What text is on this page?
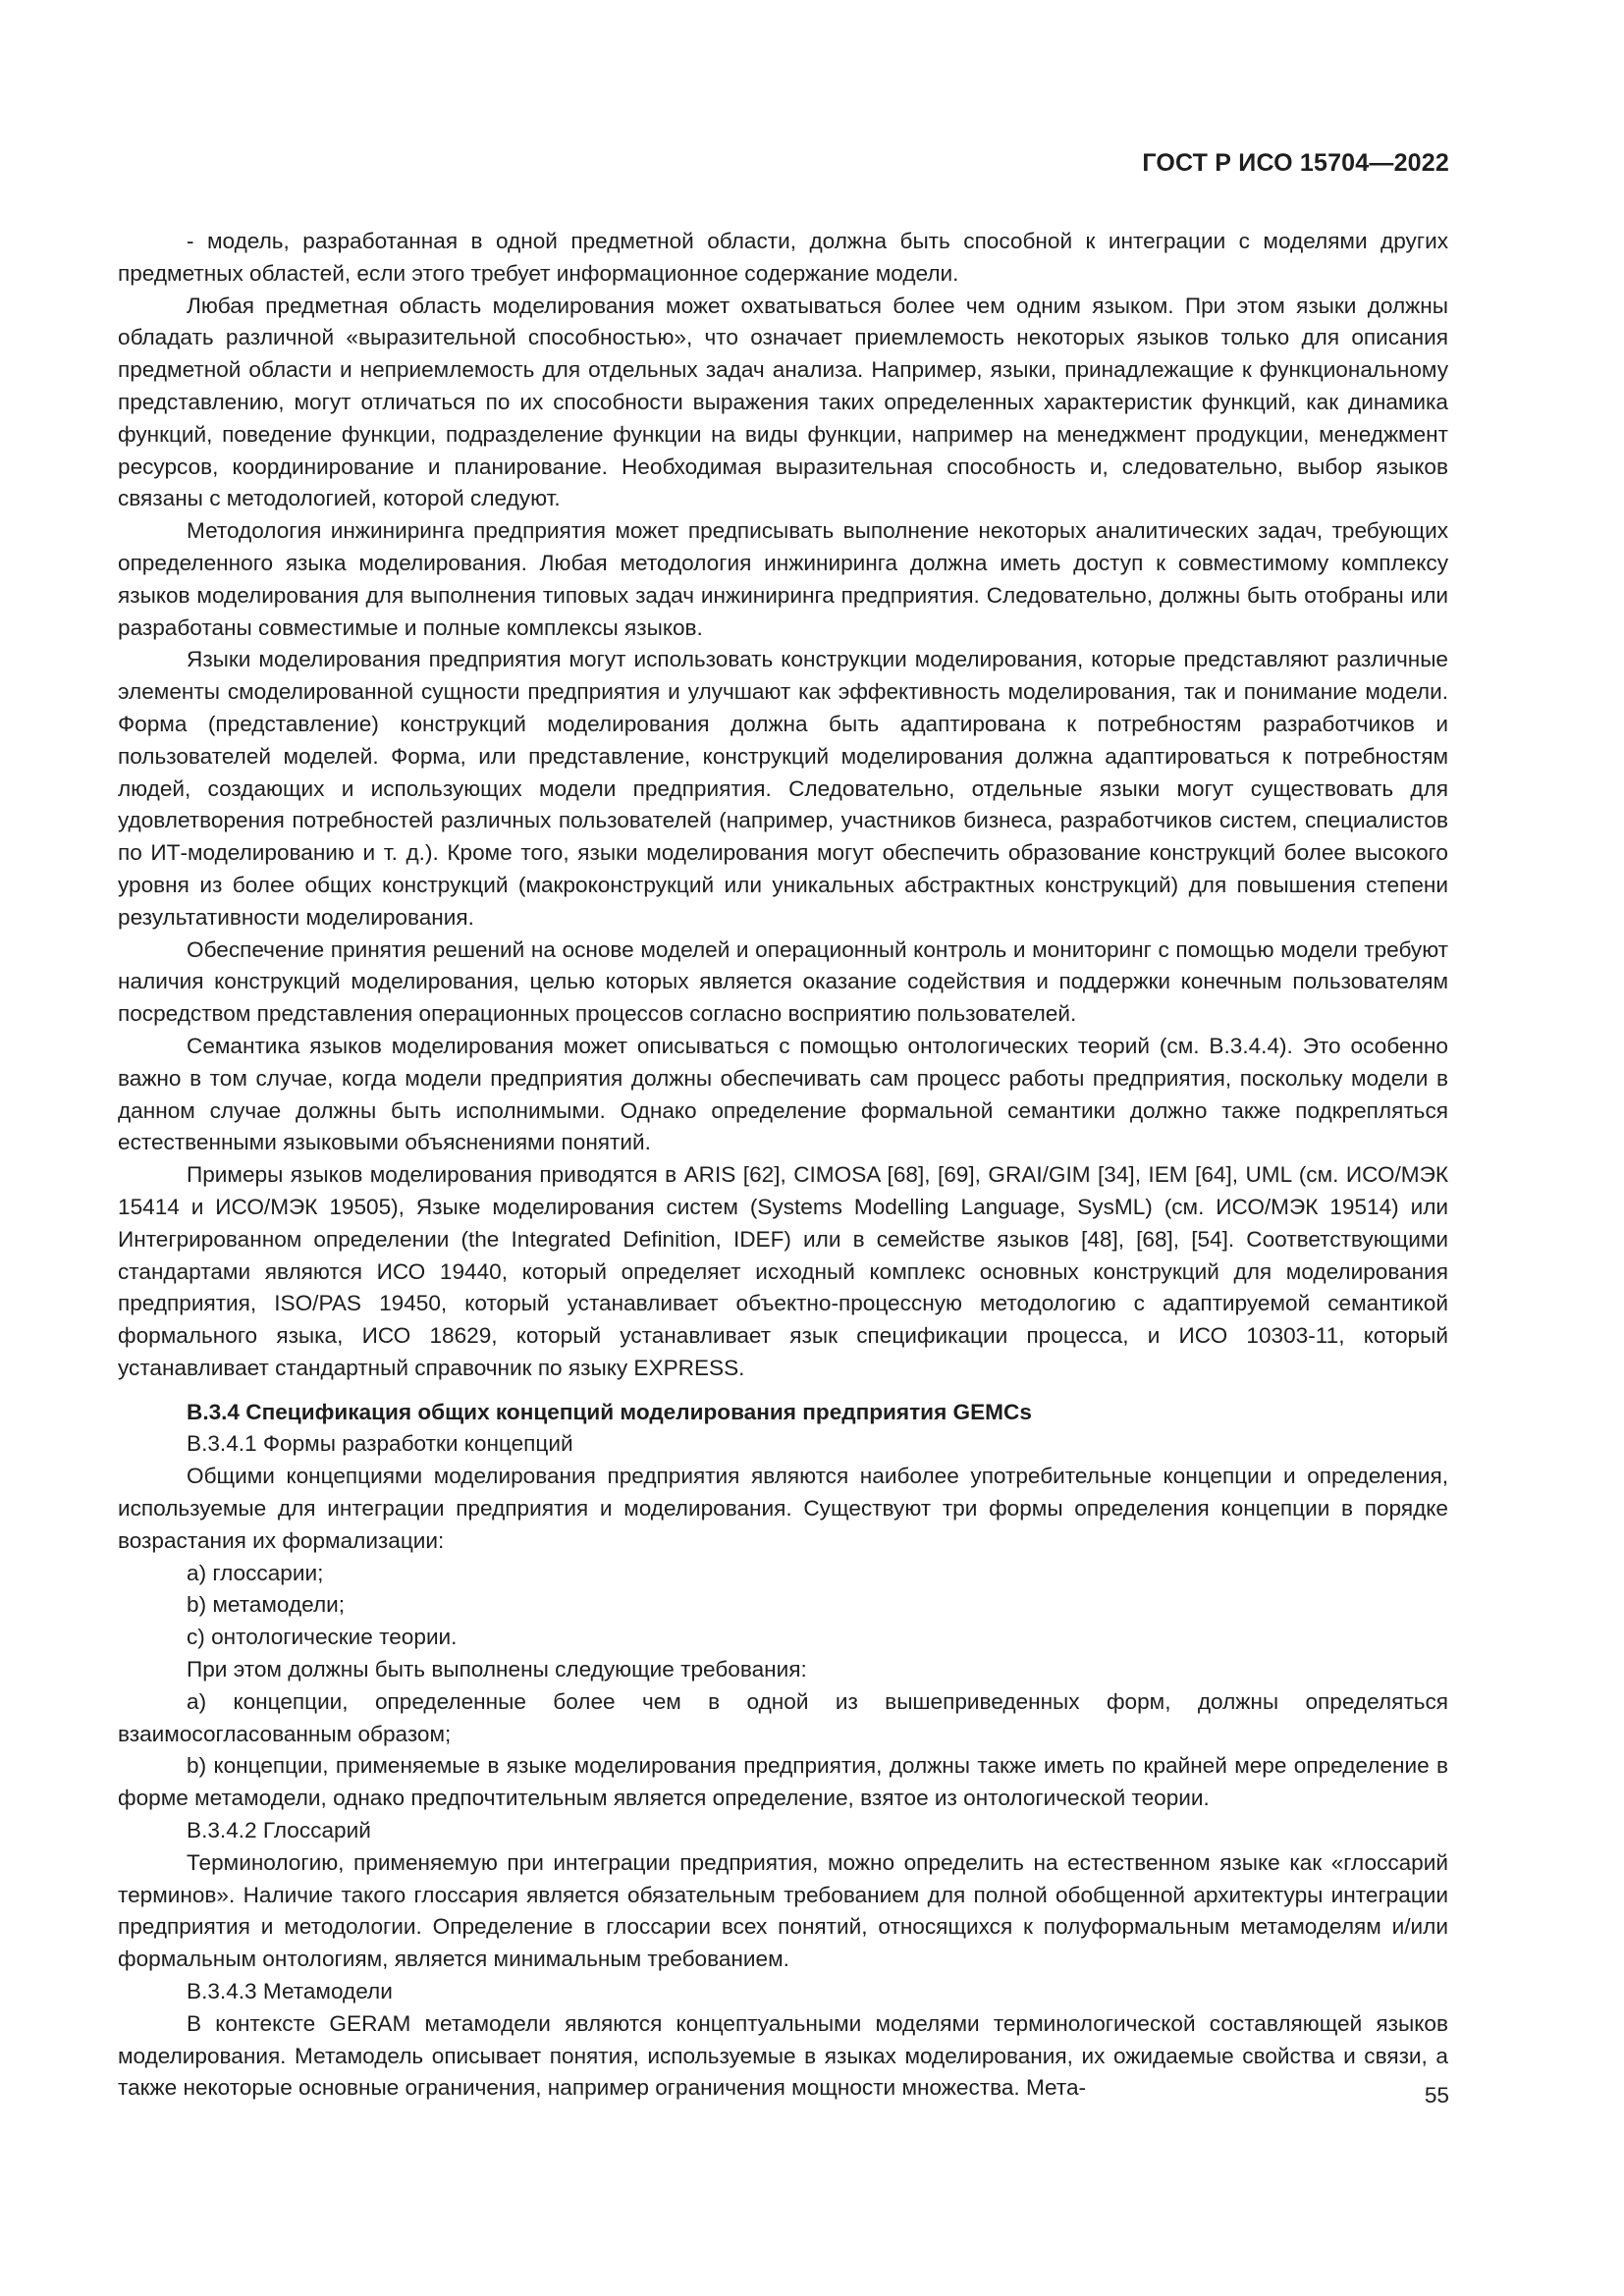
ГОСТ Р ИСО 15704—2022

- модель, разработанная в одной предметной области, должна быть способной к интеграции с моделями других предметных областей, если этого требует информационное содержание модели.

Любая предметная область моделирования может охватываться более чем одним языком. При этом языки должны обладать различной «выразительной способностью», что означает приемлемость некоторых языков только для описания предметной области и неприемлемость для отдельных задач анализа. Например, языки, принадлежащие к функциональному представлению, могут отличаться по их способности выражения таких определенных характеристик функций, как динамика функций, поведение функции, подразделение функции на виды функции, например на менеджмент продукции, менеджмент ресурсов, координирование и планирование. Необходимая выразительная способность и, следовательно, выбор языков связаны с методологией, которой следуют.

Методология инжиниринга предприятия может предписывать выполнение некоторых аналитических задач, требующих определенного языка моделирования. Любая методология инжиниринга должна иметь доступ к совместимому комплексу языков моделирования для выполнения типовых задач инжиниринга предприятия. Следовательно, должны быть отобраны или разработаны совместимые и полные комплексы языков.

Языки моделирования предприятия могут использовать конструкции моделирования, которые представляют различные элементы смоделированной сущности предприятия и улучшают как эффективность моделирования, так и понимание модели. Форма (представление) конструкций моделирования должна быть адаптирована к потребностям разработчиков и пользователей моделей. Форма, или представление, конструкций моделирования должна адаптироваться к потребностям людей, создающих и использующих модели предприятия. Следовательно, отдельные языки могут существовать для удовлетворения потребностей различных пользователей (например, участников бизнеса, разработчиков систем, специалистов по ИТ-моделированию и т. д.). Кроме того, языки моделирования могут обеспечить образование конструкций более высокого уровня из более общих конструкций (макроконструкций или уникальных абстрактных конструкций) для повышения степени результативности моделирования.

Обеспечение принятия решений на основе моделей и операционный контроль и мониторинг с помощью модели требуют наличия конструкций моделирования, целью которых является оказание содействия и поддержки конечным пользователям посредством представления операционных процессов согласно восприятию пользователей.

Семантика языков моделирования может описываться с помощью онтологических теорий (см. В.3.4.4). Это особенно важно в том случае, когда модели предприятия должны обеспечивать сам процесс работы предприятия, поскольку модели в данном случае должны быть исполнимыми. Однако определение формальной семантики должно также подкрепляться естественными языковыми объяснениями понятий.

Примеры языков моделирования приводятся в ARIS [62], CIMOSA [68], [69], GRAI/GIM [34], IEM [64], UML (см. ИСО/МЭК 15414 и ИСО/МЭК 19505), Языке моделирования систем (Systems Modelling Language, SysML) (см. ИСО/МЭК 19514) или Интегрированном определении (the Integrated Definition, IDEF) или в семействе языков [48], [68], [54]. Соответствующими стандартами являются ИСО 19440, который определяет исходный комплекс основных конструкций для моделирования предприятия, ISO/PAS 19450, который устанавливает объектно-процессную методологию с адаптируемой семантикой формального языка, ИСО 18629, который устанавливает язык спецификации процесса, и ИСО 10303-11, который устанавливает стандартный справочник по языку EXPRESS.

В.3.4 Спецификация общих концепций моделирования предприятия GEMCs

В.3.4.1 Формы разработки концепций

Общими концепциями моделирования предприятия являются наиболее употребительные концепции и определения, используемые для интеграции предприятия и моделирования. Существуют три формы определения концепции в порядке возрастания их формализации:

a) глоссарии;

b) метамодели;

c) онтологические теории.

При этом должны быть выполнены следующие требования:

a) концепции, определенные более чем в одной из вышеприведенных форм, должны определяться взаимосогласованным образом;

b) концепции, применяемые в языке моделирования предприятия, должны также иметь по крайней мере определение в форме метамодели, однако предпочтительным является определение, взятое из онтологической теории.

В.3.4.2 Глоссарий

Терминологию, применяемую при интеграции предприятия, можно определить на естественном языке как «глоссарий терминов». Наличие такого глоссария является обязательным требованием для полной обобщенной архитектуры интеграции предприятия и методологии. Определение в глоссарии всех понятий, относящихся к полуформальным метамоделям и/или формальным онтологиям, является минимальным требованием.

В.3.4.3 Метамодели

В контексте GERAM метамодели являются концептуальными моделями терминологической составляющей языков моделирования. Метамодель описывает понятия, используемые в языках моделирования, их ожидаемые свойства и связи, а также некоторые основные ограничения, например ограничения мощности множества. Мета-	55
